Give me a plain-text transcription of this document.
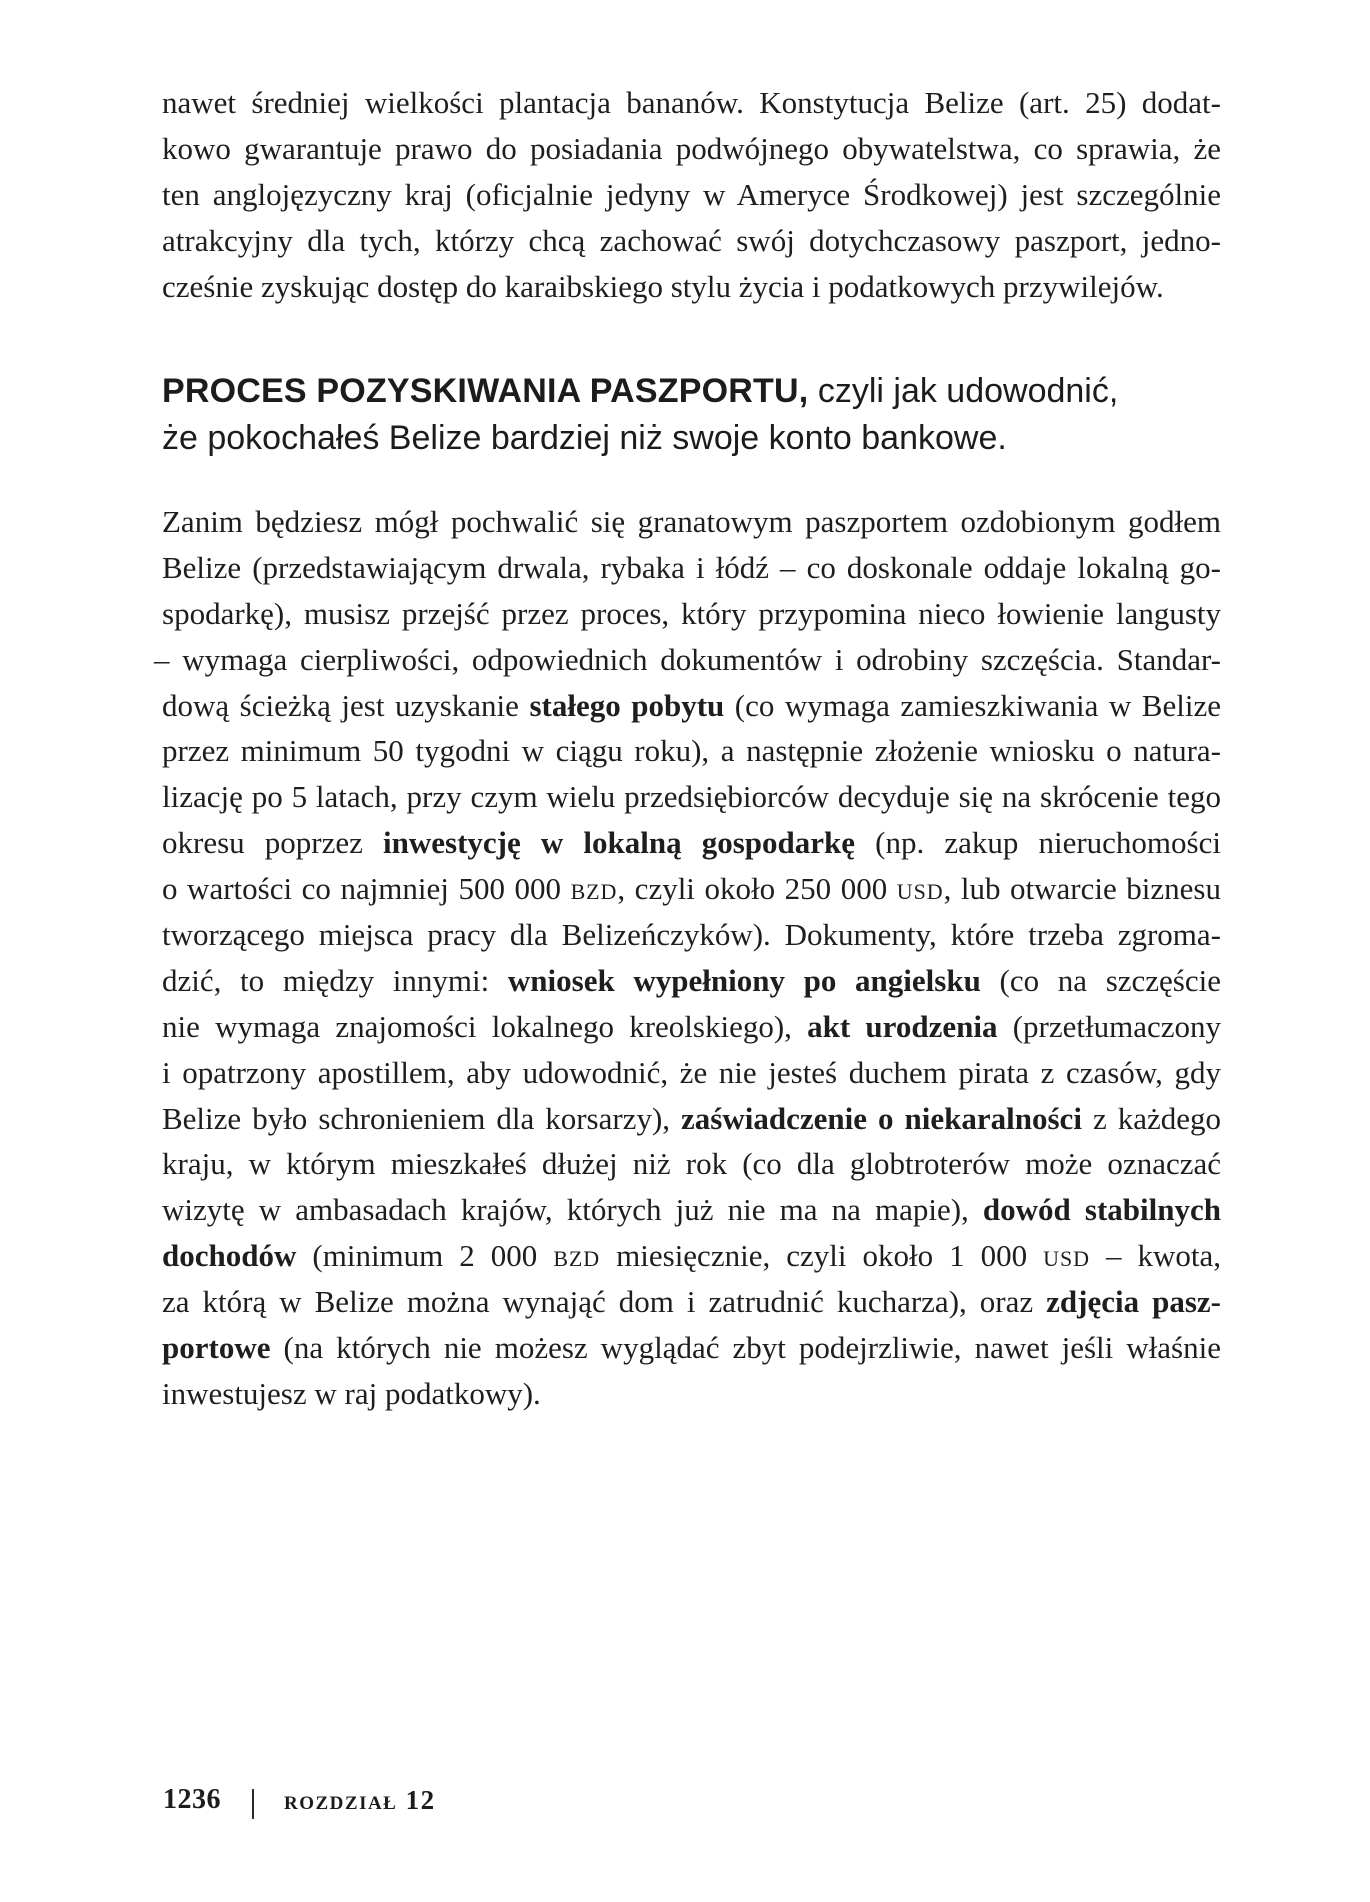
nawet średniej wielkości plantacja bananów. Konstytucja Belize (art. 25) dodat-
kowo gwarantuje prawo do posiadania podwójnego obywatelstwa, co sprawia, że
ten anglojęzyczny kraj (oficjalnie jedyny w Ameryce Środkowej) jest szczególnie
atrakcyjny dla tych, którzy chcą zachować swój dotychczasowy paszport, jedno-
cześnie zyskując dostęp do karaibskiego stylu życia i podatkowych przywilejów.
PROCES POZYSKIWANIA PASZPORTU, czyli jak udowodnić,
że pokochałeś Belize bardziej niż swoje konto bankowe.
Zanim będziesz mógł pochwalić się granatowym paszportem ozdobionym godłem
Belize (przedstawiającym drwala, rybaka i łódź – co doskonale oddaje lokalną go-
spodarkę), musisz przejść przez proces, który przypomina nieco łowienie langusty
– wymaga cierpliwości, odpowiednich dokumentów i odrobiny szczęścia. Standar-
dową ścieżką jest uzyskanie stałego pobytu (co wymaga zamieszkiwania w Belize
przez minimum 50 tygodni w ciągu roku), a następnie złożenie wniosku o natura-
lizację po 5 latach, przy czym wielu przedsiębiorców decyduje się na skrócenie tego
okresu poprzez inwestycję w lokalną gospodarkę (np. zakup nieruchomości
o wartości co najmniej 500 000 bzd, czyli około 250 000 usd, lub otwarcie biznesu
tworzącego miejsca pracy dla Belizeńczyków). Dokumenty, które trzeba zgroma-
dzić, to między innymi: wniosek wypełniony po angielsku (co na szczęście
nie wymaga znajomości lokalnego kreolskiego), akt urodzenia (przetłumaczony
i opatrzony apostillem, aby udowodnić, że nie jesteś duchem pirata z czasów, gdy
Belize było schronieniem dla korsarzy), zaświadczenie o niekaralności z każdego
kraju, w którym mieszkałeś dłużej niż rok (co dla globtroterów może oznaczać
wizytę w ambasadach krajów, których już nie ma na mapie), dowód stabilnych
dochodów (minimum 2 000 bzd miesięcznie, czyli około 1 000 usd – kwota,
za którą w Belize można wynająć dom i zatrudnić kucharza), oraz zdjęcia pasz-
portowe (na których nie możesz wyglądać zbyt podejrzliwie, nawet jeśli właśnie
inwestujesz w raj podatkowy).
1236 rozdział 12
